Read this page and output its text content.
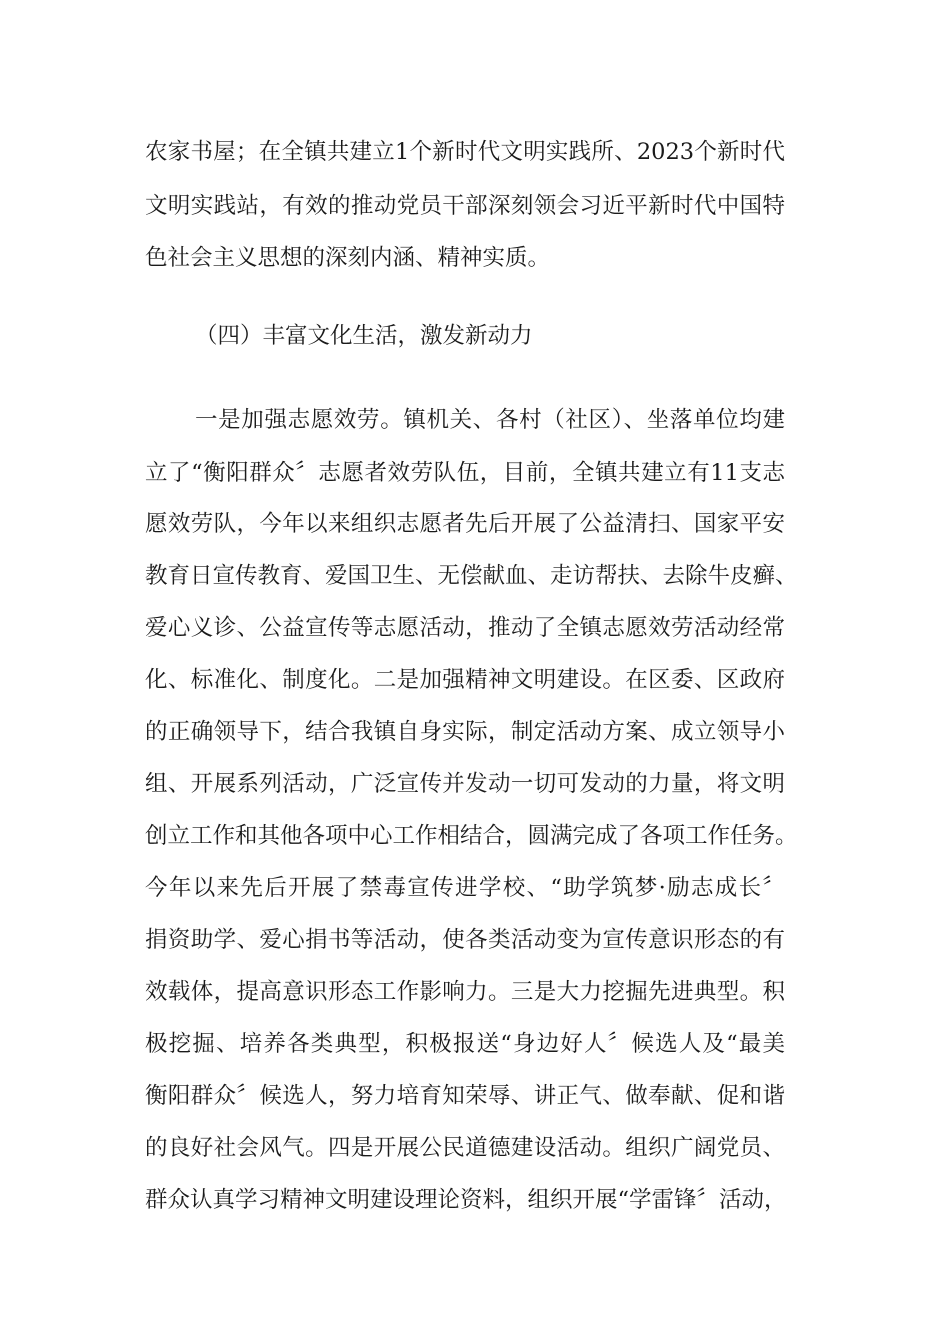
农家书屋；在全镇共建立1个新时代文明实践所、2023个新时代
文明实践站，有效的推动党员干部深刻领会习近平新时代中国特
色社会主义思想的深刻内涵、精神实质。
（四）丰富文化生活，激发新动力
一是加强志愿效劳。镇机关、各村（社区）、坐落单位均建
立了“衡阳群众〞志愿者效劳队伍，目前，全镇共建立有11支志
愿效劳队，今年以来组织志愿者先后开展了公益清扫、国家平安
教育日宣传教育、爱国卫生、无偿献血、走访帮扶、去除牛皮癣、
爱心义诊、公益宣传等志愿活动，推动了全镇志愿效劳活动经常
化、标准化、制度化。二是加强精神文明建设。在区委、区政府
的正确领导下，结合我镇自身实际，制定活动方案、成立领导小
组、开展系列活动，广泛宣传并发动一切可发动的力量，将文明
创立工作和其他各项中心工作相结合，圆满完成了各项工作任务。
今年以来先后开展了禁毒宣传进学校、“助学筑梦·励志成长〞
捐资助学、爱心捐书等活动，使各类活动变为宣传意识形态的有
效载体，提高意识形态工作影响力。三是大力挖掘先进典型。积
极挖掘、培养各类典型，积极报送“身边好人〞候选人及“最美
衡阳群众〞候选人，努力培育知荣辱、讲正气、做奉献、促和谐
的良好社会风气。四是开展公民道德建设活动。组织广阔党员、
群众认真学习精神文明建设理论资料，组织开展“学雷锋〞活动，
